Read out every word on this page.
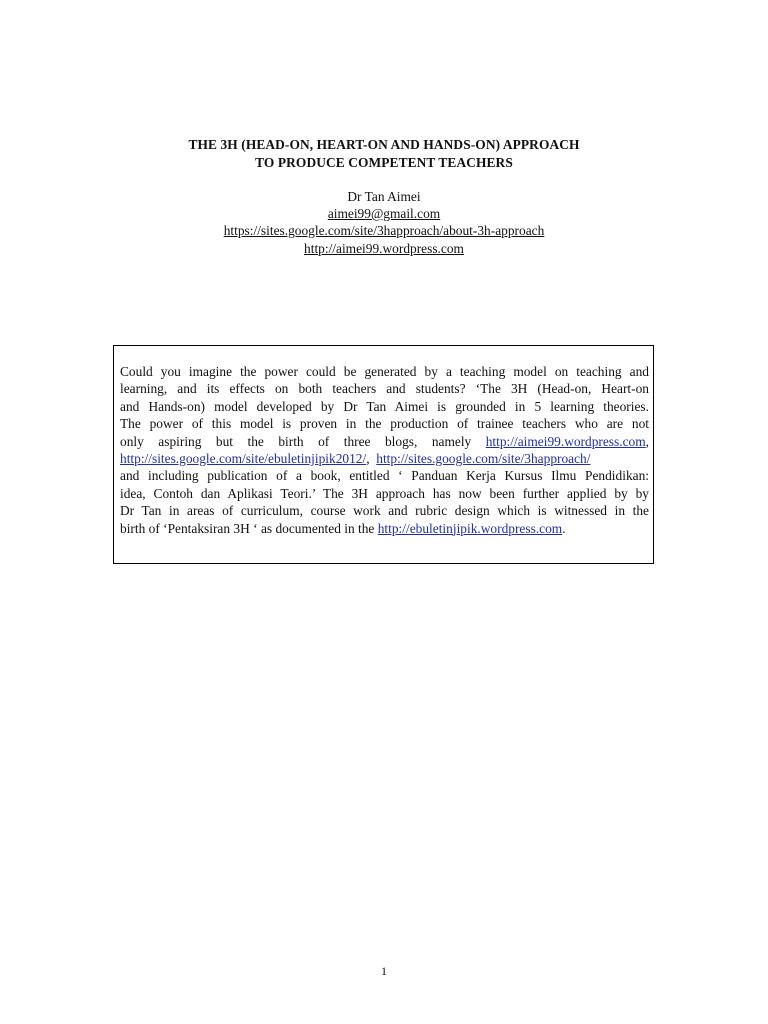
THE 3H (HEAD-ON, HEART-ON AND HANDS-ON) APPROACH
TO PRODUCE COMPETENT TEACHERS
Dr Tan Aimei
aimei99@gmail.com
https://sites.google.com/site/3happroach/about-3h-approach
http://aimei99.wordpress.com
Could you imagine the power could be generated by a teaching model on teaching and
learning, and its effects on both teachers and students? ‘The 3H (Head-on, Heart-on
and Hands-on) model developed by Dr Tan Aimei is grounded in 5 learning theories.
The power of this model is proven in the production of trainee teachers who are not
only aspiring but the birth of three blogs, namely http://aimei99.wordpress.com,
http://sites.google.com/site/ebuletinjipik2012/,  http://sites.google.com/site/3happroach/
and including publication of a book, entitled ‘ Panduan Kerja Kursus Ilmu Pendidikan:
idea, Contoh dan Aplikasi Teori.’ The 3H approach has now been further applied by by
Dr Tan in areas of curriculum, course work and rubric design which is witnessed in the
birth of ‘Pentaksiran 3H ‘ as documented in the http://ebuletinjipik.wordpress.com.
1
